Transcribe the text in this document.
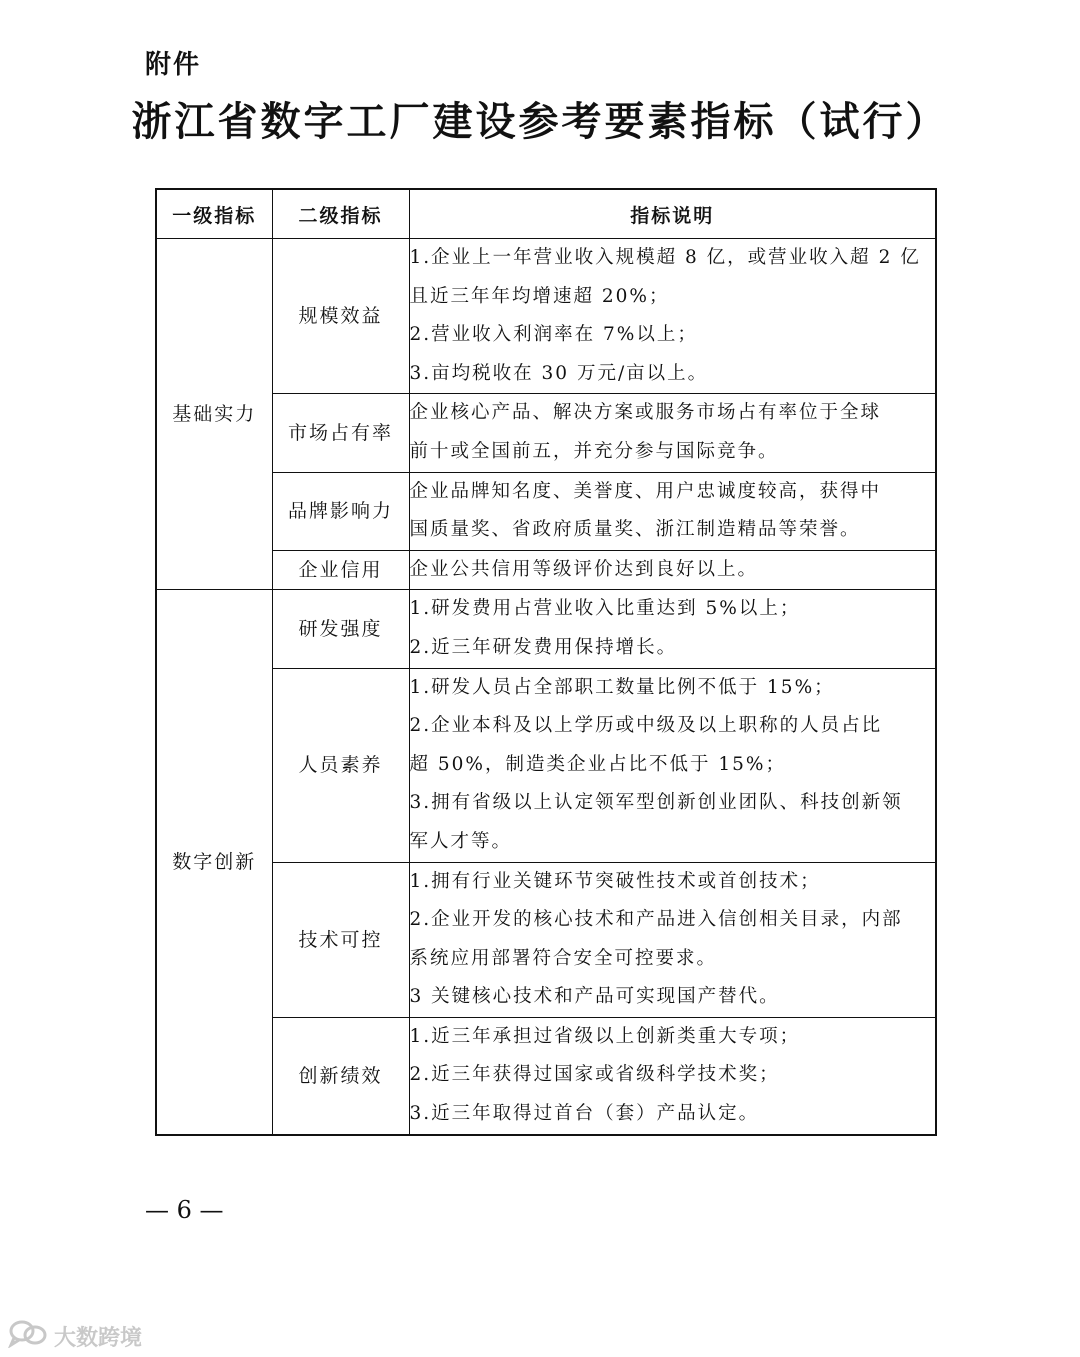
附件
浙江省数字工厂建设参考要素指标（试行）
一级指标	二级指标	指标说明
基础实力	规模效益	1.企业上一年营业收入规模超 8 亿，或营业收入超 2 亿
且近三年年均增速超 20%；
2.营业收入利润率在 7%以上；
3.亩均税收在 30 万元/亩以上。

	市场占有率	企业核心产品、解决方案或服务市场占有率位于全球
前十或全国前五，并充分参与国际竞争。

	品牌影响力	企业品牌知名度、美誉度、用户忠诚度较高，获得中
国质量奖、省政府质量奖、浙江制造精品等荣誉。

	企业信用	企业公共信用等级评价达到良好以上。

数字创新	研发强度	1.研发费用占营业收入比重达到 5%以上；
2.近三年研发费用保持增长。

	人员素养	1.研发人员占全部职工数量比例不低于 15%；
2.企业本科及以上学历或中级及以上职称的人员占比
超 50%，制造类企业占比不低于 15%；
3.拥有省级以上认定领军型创新创业团队、科技创新领
军人才等。

	技术可控	1.拥有行业关键环节突破性技术或首创技术；
2.企业开发的核心技术和产品进入信创相关目录，内部
系统应用部署符合安全可控要求。
3 关键核心技术和产品可实现国产替代。

	创新绩效	1.近三年承担过省级以上创新类重大专项；
2.近三年获得过国家或省级科学技术奖；
3.近三年取得过首台（套）产品认定。
— 6 —
大数跨境
